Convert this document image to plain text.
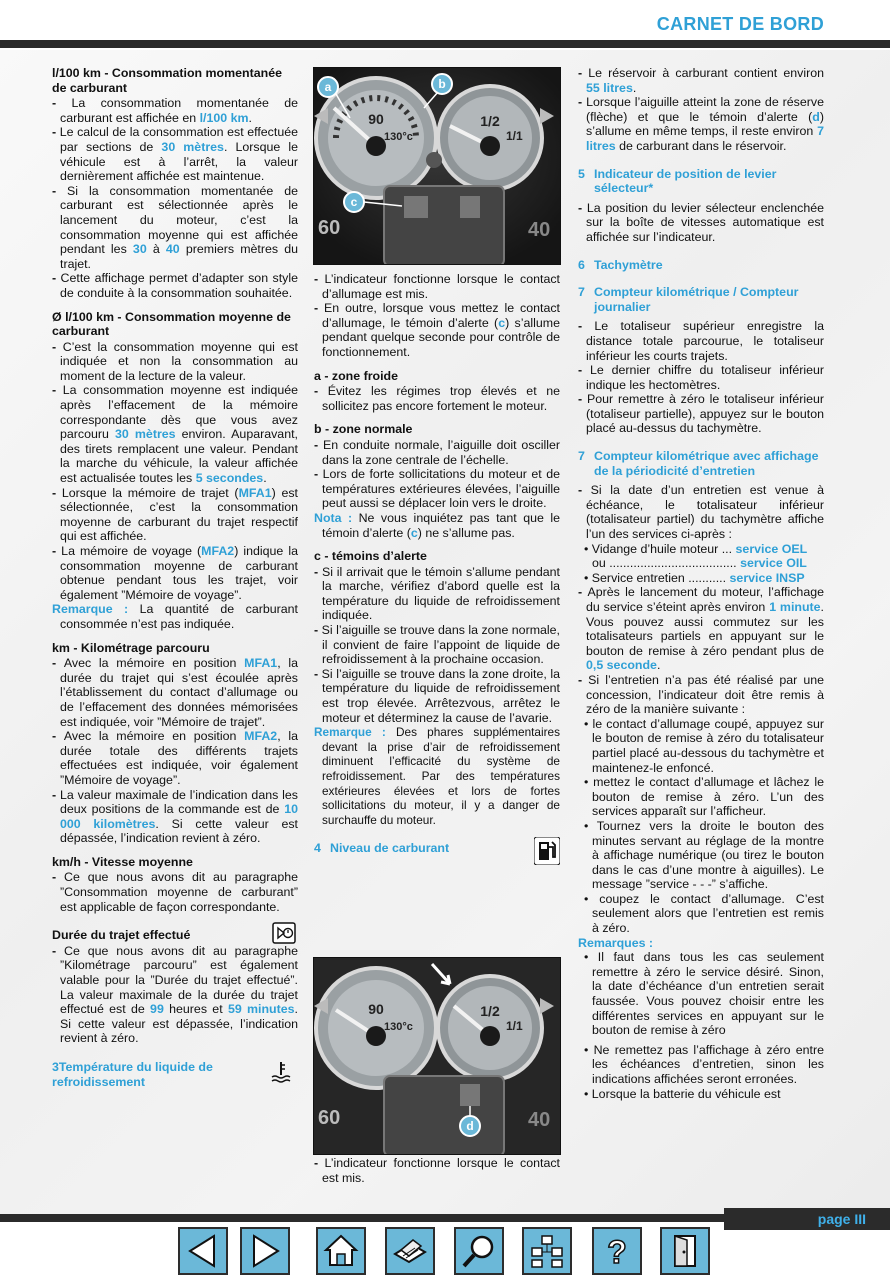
CARNET DE BORD

l/100 km - Consommation momentanée de carburant

- La consommation momentanée de carburant est affichée en l/100 km.
- Le calcul de la consommation est effectuée par sections de 30 mètres. Lorsque le véhicule est à l’arrêt, la valeur dernièrement affichée est maintenue.
- Si la consommation momentanée de carburant est sélectionnée après le lancement du moteur, c’est la consommation moyenne qui est affichée pendant les 30 à 40 premiers mètres du trajet.
- Cette affichage permet d’adapter son style de conduite à la consommation souhaitée.

Ø l/100 km - Consommation moyenne de carburant

- C’est la consommation moyenne qui est indiquée et non la consommation au moment de la lecture de la valeur.
- La consommation moyenne est indiquée après l’effacement de la mémoire correspondante dès que vous avez parcouru 30 mètres environ. Auparavant, des tirets remplacent une valeur. Pendant la marche du véhicule, la valeur affichée est actualisée toutes les 5 secondes.
- Lorsque la mémoire de trajet (MFA1) est sélectionnée, c’est la consommation moyenne de carburant du trajet respectif qui est affichée.
- La mémoire de voyage (MFA2) indique la consommation moyenne de carburant obtenue pendant tous les trajet, voir également ”Mémoire de voyage”.

Remarque : La quantité de carburant consommée n’est pas indiquée.

km - Kilométrage parcouru

- Avec la mémoire en position MFA1, la durée du trajet qui s’est écoulée après l’établissement du contact d’allumage ou de l’effacement des données mémorisées est indiquée, voir ”Mémoire de trajet”.
- Avec la mémoire en position MFA2, la durée totale des différents trajets effectuées est indiquée, voir également ”Mémoire de voyage”.
- La valeur maximale de l’indication dans les deux positions de la commande est de 10 000 kilomètres. Si cette valeur est dépassée, l’indication revient à zéro.

km/h - Vitesse moyenne

- Ce que nous avons dit au paragraphe ”Consommation moyenne de carburant” est applicable de façon correspondante.

Durée du trajet effectué

- Ce que nous avons dit au paragraphe ”Kilométrage parcouru” est également valable pour la ”Durée du trajet effectué”. La valeur maximale de la durée du trajet effectué est de 99 heures et 59 minutes. Si cette valeur est dépassée, l’indication revient à zéro.

3Température du liquide de refroidissement

90
130°c
1/2
1/1
60	40
a	b
c
- L’indicateur fonctionne lorsque le contact d’allumage est mis.
- En outre, lorsque vous mettez le contact d’allumage, le témoin d’alerte (c) s’allume pendant quelque seconde pour contrôle de fonctionnement.

a - zone froide

- Évitez les régimes trop élevés et ne sollicitez pas encore fortement le moteur.

b - zone normale

- En conduite normale, l’aiguille doit osciller dans la zone centrale de l’échelle.
- Lors de forte sollicitations du moteur et de températures extérieures élevées, l’aiguille peut aussi se déplacer loin vers le droite.

Nota : Ne vous inquiétez pas tant que le témoin d’alerte (c) ne s’allume pas.

c - témoins d’alerte

- Si il arrivait que le témoin s’allume pendant la marche, vérifiez d’abord quelle est la température du liquide de refroidissement indiquée.
- Si l’aiguille se trouve dans la zone normale, il convient de faire l’appoint de liquide de refroidissement à la prochaine occasion.
- Si l’aiguille se trouve dans la zone droite, la température du liquide de refroidissement est trop élevée. Arrêtezvous, arrêtez le moteur et déterminez la cause de l’avarie.

Remarque : Des phares supplémentaires devant la prise d’air de refroidissement diminuent l’efficacité du système de refroidissement. Par des températures extérieures élevées et lors de fortes sollicitations du moteur, il y a danger de surchauffe du moteur.

4 Niveau de carburant
90
130°c
1/2
1/1
60	40
d
- L’indicateur fonctionne lorsque le contact est mis.
- Le réservoir à carburant contient environ 55 litres.
- Lorsque l’aiguille atteint la zone de réserve (flèche) et que le témoin d’alerte (d) s’allume en même temps, il reste environ 7 litres de carburant dans le réservoir.
5 Indicateur de position de levier sélecteur*
- La position du levier sélecteur enclenchée sur la boîte de vitesses automatique est affichée sur l’indicateur.
6 Tachymètre
7 Compteur kilométrique / Compteur journalier
- Le totaliseur supérieur enregistre la distance totale parcourue, le totaliseur inférieur les courts trajets.
- Le dernier chiffre du totaliseur inférieur indique les hectomètres.
- Pour remettre à zéro le totaliseur inférieur (totaliseur partielle), appuyez sur le bouton placé au-dessus du tachymètre.
7 Compteur kilométrique avec affichage de la périodicité d’entretien
- Si la date d’un entretien est venue à échéance, le totalisateur inférieur (totalisateur partiel) du tachymètre affiche l’un des services ci-après :
• Vidange d’huile moteur ... service OEL
ou ..................................... service OIL
• Service entretien ........... service INSP
- Après le lancement du moteur, l’affichage du service s’éteint après environ 1 minute. Vous pouvez aussi commutez sur les totalisateurs partiels en appuyant sur le bouton de remise à zéro pendant plus de 0,5 seconde.
- Si l’entretien n’a pas été réalisé par une concession, l’indicateur doit être remis à zéro de la manière suivante :
• le contact d’allumage coupé, appuyez sur le bouton de remise à zéro du totalisateur partiel placé au-dessous du tachymètre et maintenez-le enfoncé.
• mettez le contact d’allumage et lâchez le bouton de remise à zéro. L’un des services apparaît sur l’afficheur.
• Tournez vers la droite le bouton des minutes servant au réglage de la montre à affichage numérique (ou tirez le bouton dans le cas d’une montre à aiguilles). Le message ”service - - -” s’affiche.
• coupez le contact d’allumage. C’est seulement alors que l’entretien est remis à zéro.

Remarques :

• Il faut dans tous les cas seulement remettre à zéro le service désiré. Sinon, la date d’échéance d’un entretien serait faussée. Vous pouvez choisir entre les différentes services en appuyant sur le bouton de remise à zéro
• Ne remettez pas l’affichage à zéro entre les échéances d’entretien, sinon les indications affichées seront erronées.
• Lorsque la batterie du véhicule est
page III
?
